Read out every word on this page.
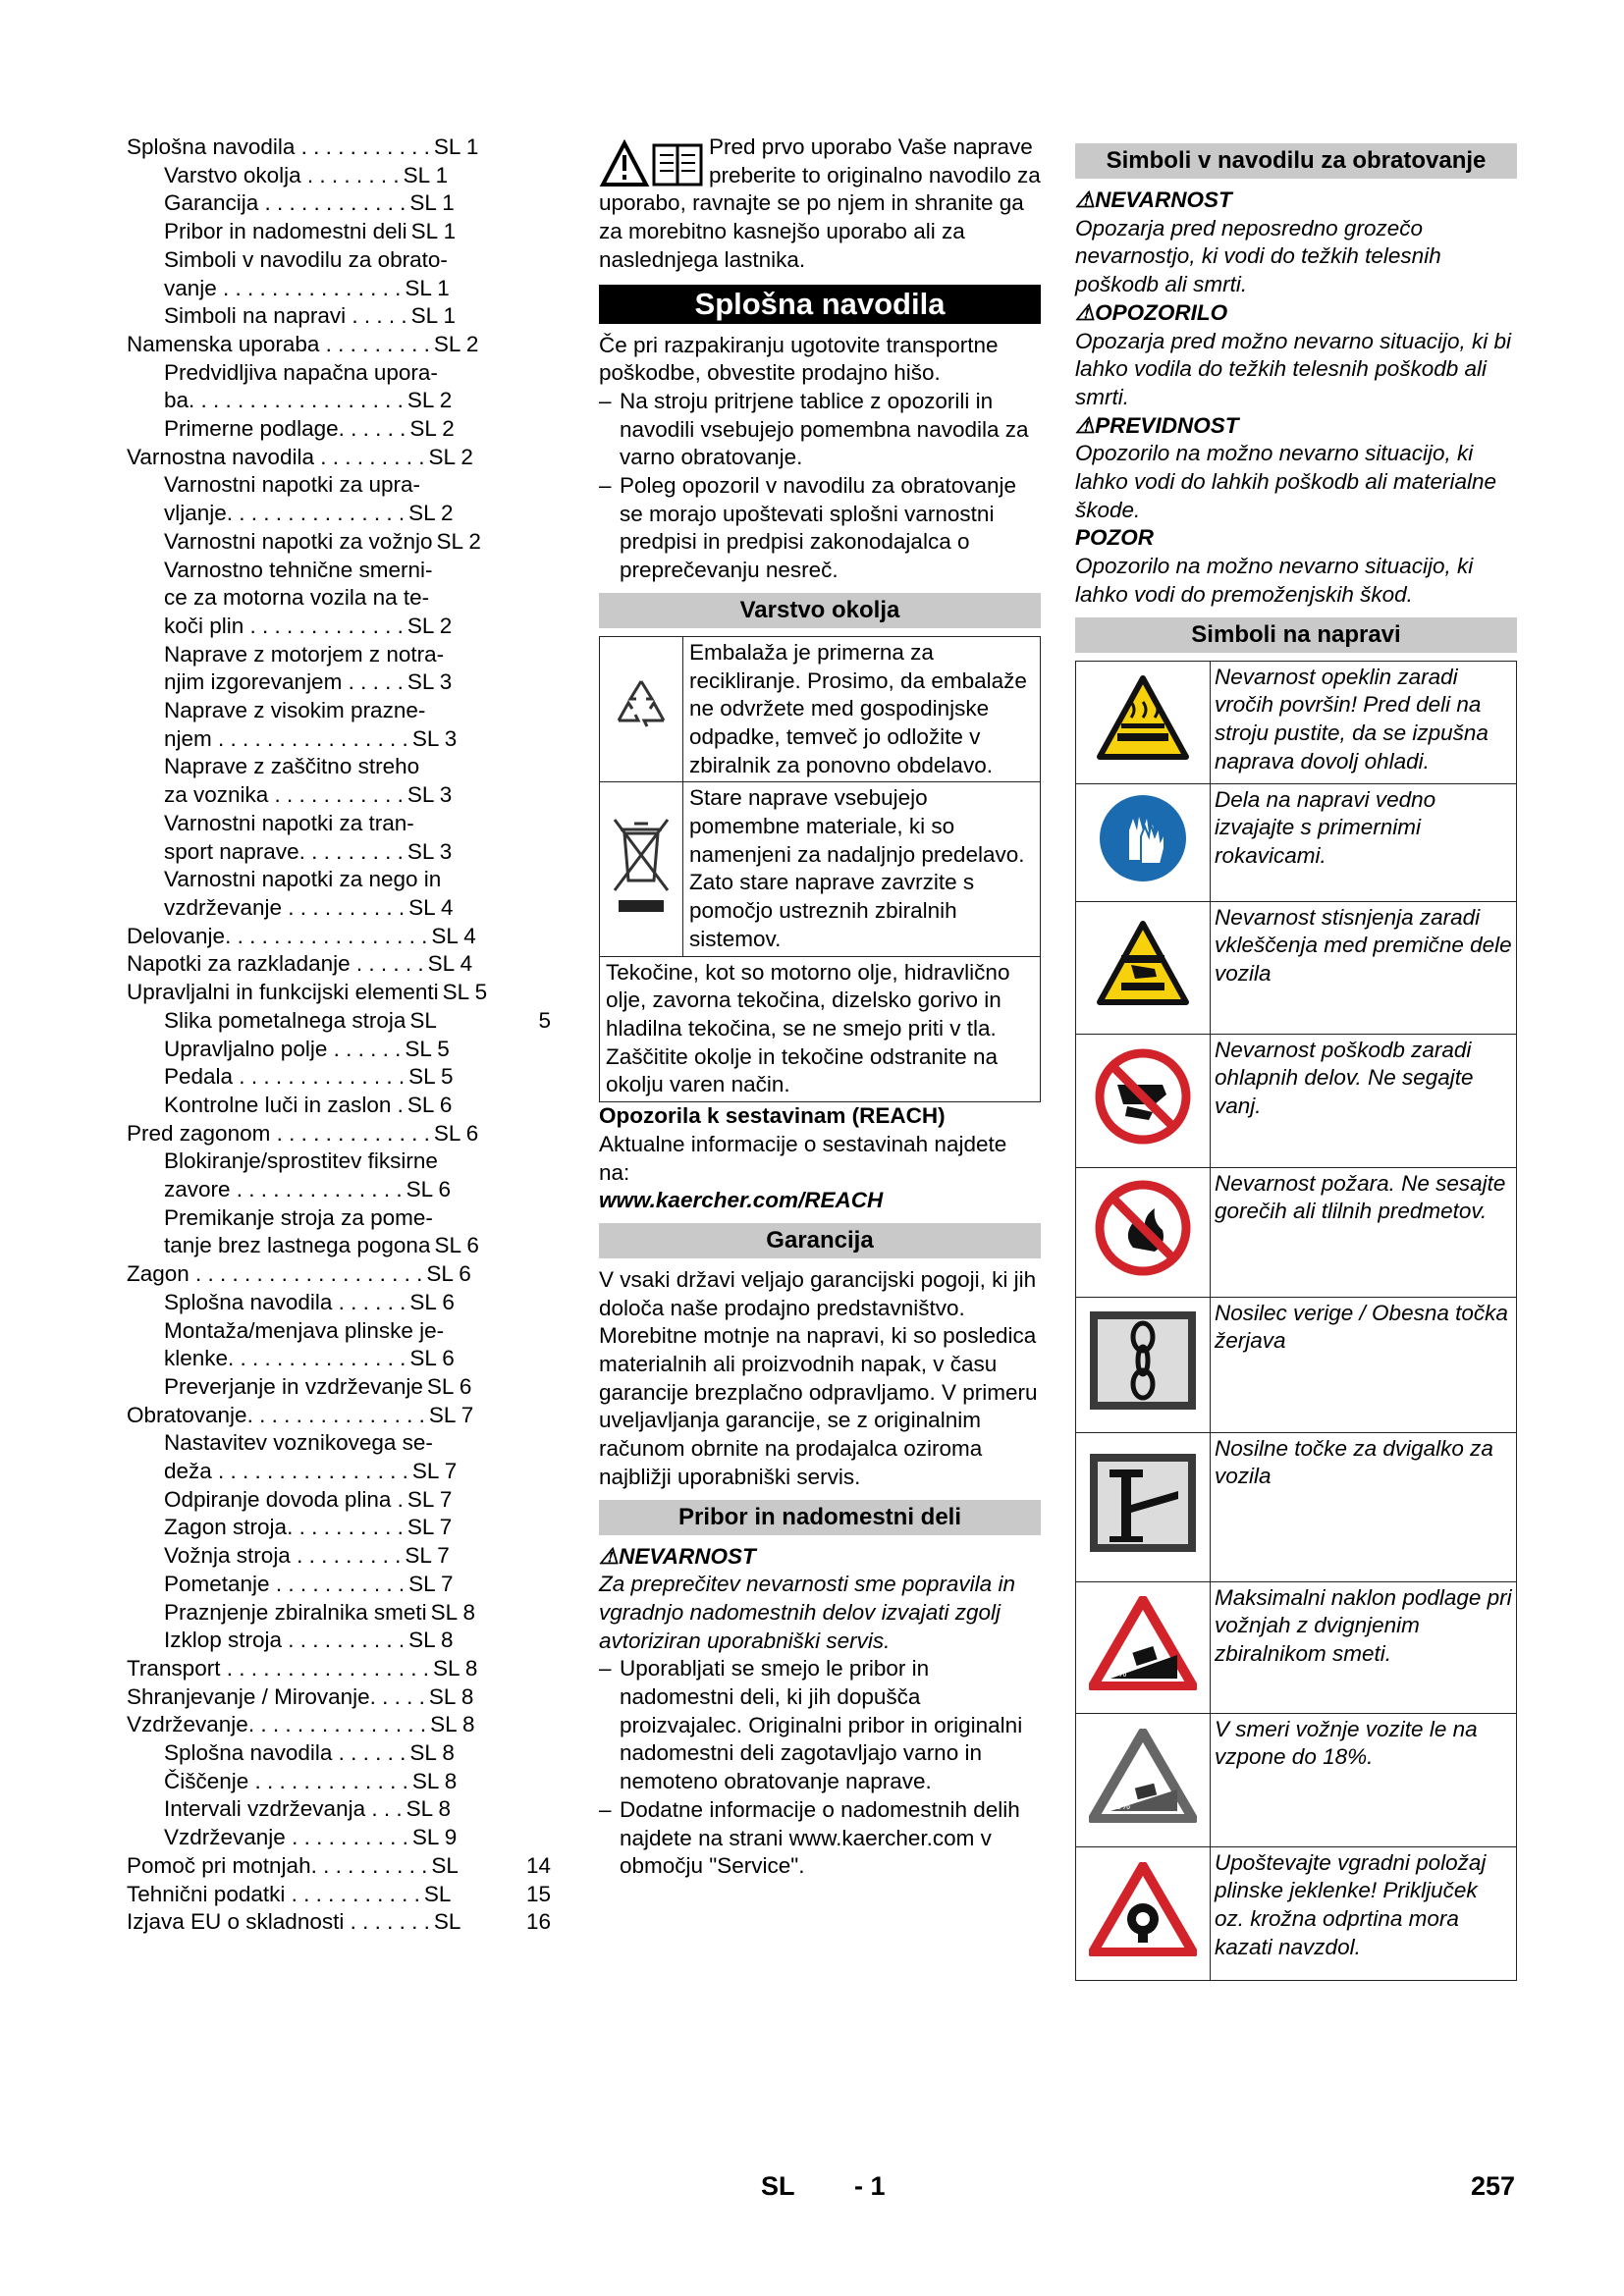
Splošna navodila . . . . . . . . . . . SL 1
Varstvo okolja . . . . . . . . SL 1
Garancija . . . . . . . . . . . . SL 1
Pribor in nadomestni deli SL 1
Simboli v navodilu za obrato-
vanje . . . . . . . . . . . . . . . SL 1
Simboli na napravi . . . . . SL 1
Namenska uporaba . . . . . . . . . SL 2
Predvidljiva napačna upora-
ba. . . . . . . . . . . . . . . . . . SL 2
Primerne podlage. . . . . . SL 2
Varnostna navodila . . . . . . . . . SL 2
Varnostni napotki za upra-
vljanje. . . . . . . . . . . . . . . SL 2
Varnostni napotki za vožnjo SL 2
Varnostno tehnične smerni-
ce za motorna vozila na te-
koči plin . . . . . . . . . . . . . SL 2
Naprave z motorjem z notra-
njim izgorevanjem . . . . . SL 3
Naprave z visokim prazne-
njem . . . . . . . . . . . . . . . . SL 3
Naprave z zaščitno streho
za voznika . . . . . . . . . . . SL 3
Varnostni napotki za tran-
sport naprave. . . . . . . . . SL 3
Varnostni napotki za nego in
vzdrževanje . . . . . . . . . . SL 4
Delovanje. . . . . . . . . . . . . . . . . SL 4
Napotki za razkladanje . . . . . . SL 4
Upravljalni in funkcijski elementi SL 5
Slika pometalnega stroja SL	5
Upravljalno polje . . . . . . SL 5
Pedala . . . . . . . . . . . . . . SL 5
Kontrolne luči in zaslon . SL 6
Pred zagonom . . . . . . . . . . . . . SL 6
Blokiranje/sprostitev fiksirne
zavore . . . . . . . . . . . . . . SL 6
Premikanje stroja za pome-
tanje brez lastnega pogona SL 6
Zagon . . . . . . . . . . . . . . . . . . . SL 6
Splošna navodila . . . . . . SL 6
Montaža/menjava plinske je-
klenke. . . . . . . . . . . . . . . SL 6
Preverjanje in vzdrževanje SL 6
Obratovanje. . . . . . . . . . . . . . . SL 7
Nastavitev voznikovega se-
deža . . . . . . . . . . . . . . . . SL 7
Odpiranje dovoda plina . SL 7
Zagon stroja. . . . . . . . . . SL 7
Vožnja stroja . . . . . . . . . SL 7
Pometanje . . . . . . . . . . . SL 7
Praznjenje zbiralnika smeti SL 8
Izklop stroja . . . . . . . . . . SL 8
Transport . . . . . . . . . . . . . . . . . SL 8
Shranjevanje / Mirovanje. . . . . SL 8
Vzdrževanje. . . . . . . . . . . . . . . SL 8
Splošna navodila . . . . . . SL 8
Čiščenje . . . . . . . . . . . . . SL 8
Intervali vzdrževanja . . . SL 8
Vzdrževanje . . . . . . . . . . SL 9
Pomoč pri motnjah. . . . . . . . . . SL	14
Tehnični podatki . . . . . . . . . . . SL	15
Izjava EU o skladnosti . . . . . . . SL	16
Pred prvo uporabo Vaše naprave preberite to originalno navodilo za uporabo, ravnajte se po njem in shranite ga za morebitno kasnejšo uporabo ali za naslednjega lastnika.
Splošna navodila
Če pri razpakiranju ugotovite transportne poškodbe, obvestite prodajno hišo.
– Na stroju pritrjene tablice z opozorili in navodili vsebujejo pomembna navodila za varno obratovanje.
– Poleg opozoril v navodilu za obratovanje se morajo upoštevati splošni varnostni predpisi in predpisi zakonodajalca o preprečevanju nesreč.
Varstvo okolja
	Embalaža je primerna za recikliranje. Prosimo, da embalaže ne odvržete med gospodinjske odpadke, temveč jo odložite v zbiralnik za ponovno obdelavo.
	Stare naprave vsebujejo pomembne materiale, ki so namenjeni za nadaljnjo predelavo. Zato stare naprave zavrzite s pomočjo ustreznih zbiralnih sistemov.
Tekočine, kot so motorno olje, hidravlično olje, zavorna tekočina, dizelsko gorivo in hladilna tekočina, se ne smejo priti v tla. Zaščitite okolje in tekočine odstranite na okolju varen način.
Opozorila k sestavinam (REACH)
Aktualne informacije o sestavinah najdete na:
www.kaercher.com/REACH
Garancija
V vsaki državi veljajo garancijski pogoji, ki jih določa naše prodajno predstavništvo. Morebitne motnje na napravi, ki so posledica materialnih ali proizvodnih napak, v času garancije brezplačno odpravljamo. V primeru uveljavljanja garancije, se z originalnim računom obrnite na prodajalca oziroma najbližji uporabniški servis.
Pribor in nadomestni deli
⚠NEVARNOST
Za preprečitev nevarnosti sme popravila in vgradnjo nadomestnih delov izvajati zgolj avtoriziran uporabniški servis.
– Uporabljati se smejo le pribor in nadomestni deli, ki jih dopušča proizvajalec. Originalni pribor in originalni nadomestni deli zagotavljajo varno in nemoteno obratovanje naprave.
– Dodatne informacije o nadomestnih delih najdete na strani www.kaercher.com v območju "Service".
Simboli v navodilu za obratovanje
⚠NEVARNOST
Opozarja pred neposredno grozečo nevarnostjo, ki vodi do težkih telesnih poškodb ali smrti.
⚠OPOZORILO
Opozarja pred možno nevarno situacijo, ki bi lahko vodila do težkih telesnih poškodb ali smrti.
⚠PREVIDNOST
Opozorilo na možno nevarno situacijo, ki lahko vodi do lahkih poškodb ali materialne škode.
POZOR
Opozorilo na možno nevarno situacijo, ki lahko vodi do premoženjskih škod.
Simboli na napravi
	Nevarnost opeklin zaradi vročih površin! Pred deli na stroju pustite, da se izpušna naprava dovolj ohladi.
	Dela na napravi vedno izvajajte s primernimi rokavicami.
	Nevarnost stisnjenja zaradi vkleščenja med premične dele vozila
	Nevarnost poškodb zaradi ohlapnih delov. Ne segajte vanj.
	Nevarnost požara. Ne sesajte gorečih ali tlilnih predmetov.
	Nosilec verige / Obesna točka žerjava
	Nosilne točke za dvigalko za vozila

8%	Maksimalni naklon podlage pri vožnjah z dvignjenim zbiralnikom smeti.

18%	V smeri vožnje vozite le na vzpone do 18%.
	Upoštevajte vgradni položaj plinske jeklenke! Priključek oz. krožna odprtina mora kazati navzdol.
SL - 1	257
